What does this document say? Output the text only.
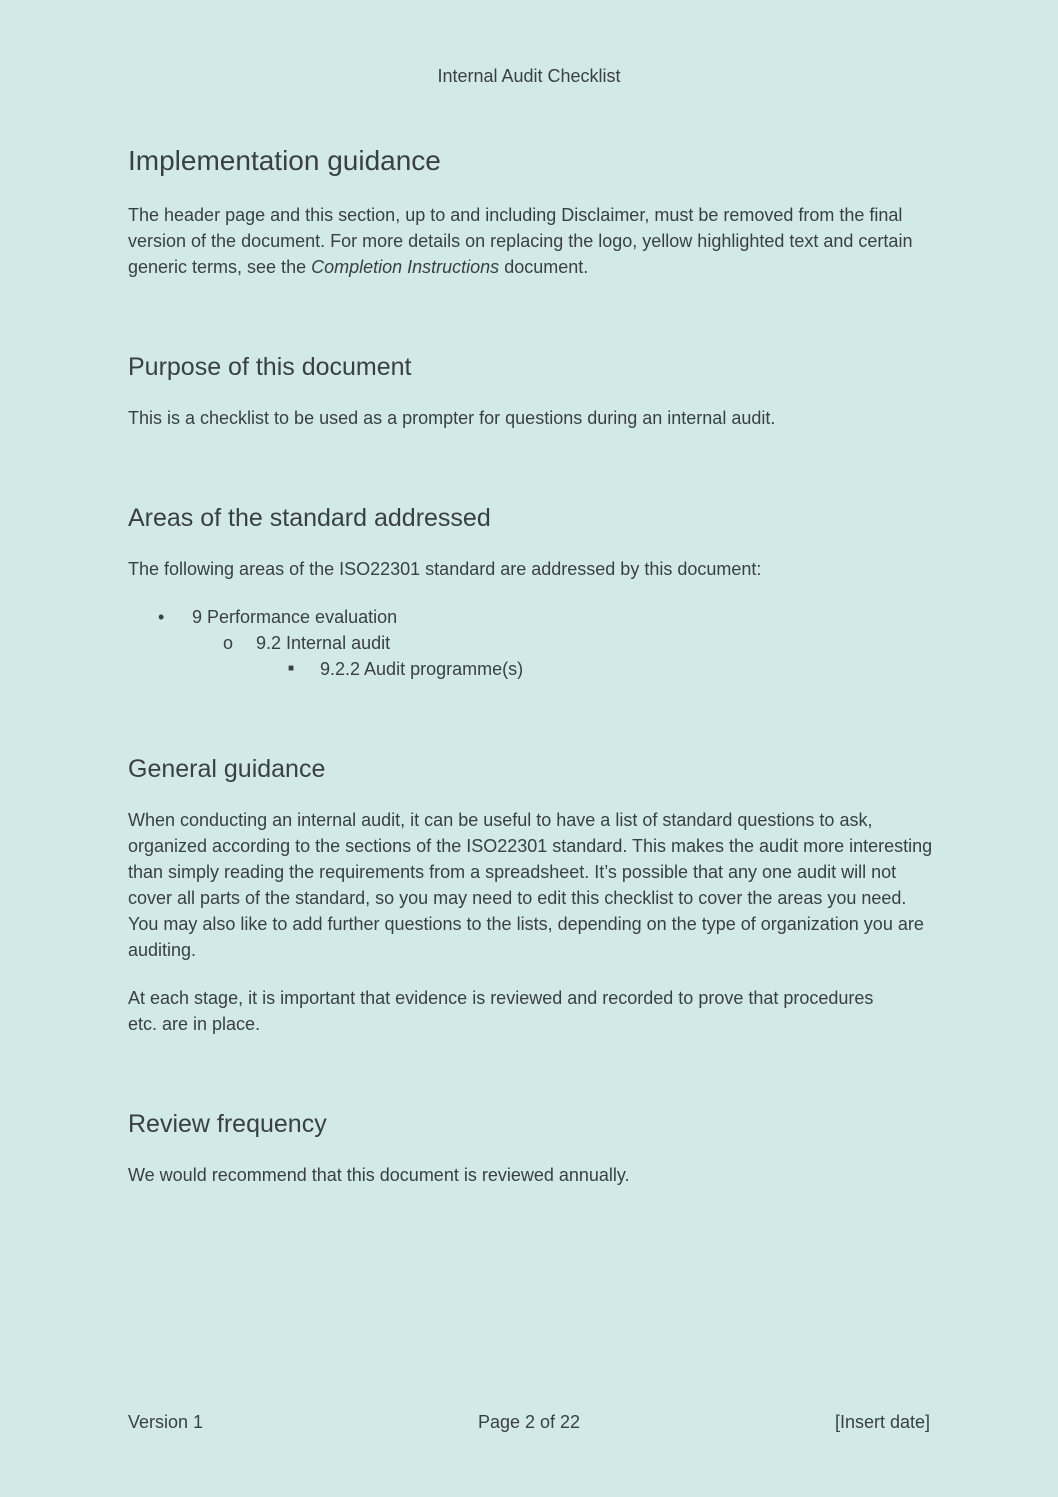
Internal Audit Checklist
Implementation guidance

The header page and this section, up to and including Disclaimer, must be removed from the final version of the document. For more details on replacing the logo, yellow highlighted text and certain generic terms, see the Completion Instructions document.

Purpose of this document

This is a checklist to be used as a prompter for questions during an internal audit.

Areas of the standard addressed

The following areas of the ISO22301 standard are addressed by this document:

• 9 Performance evaluation
o 9.2 Internal audit
■ 9.2.2 Audit programme(s)
General guidance

When conducting an internal audit, it can be useful to have a list of standard questions to ask, organized according to the sections of the ISO22301 standard. This makes the audit more interesting than simply reading the requirements from a spreadsheet. It’s possible that any one audit will not cover all parts of the standard, so you may need to edit this checklist to cover the areas you need. You may also like to add further questions to the lists, depending on the type of organization you are auditing.

At each stage, it is important that evidence is reviewed and recorded to prove that procedures etc. are in place.

Review frequency

We would recommend that this document is reviewed annually.

Version 1	Page 2 of 22	[Insert date]
